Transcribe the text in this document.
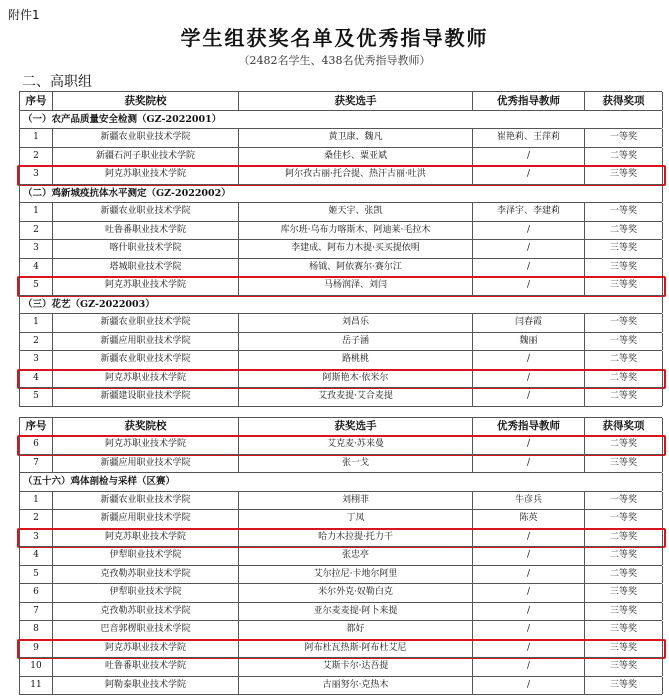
附件1
学生组获奖名单及优秀指导教师
（2482名学生、438名优秀指导教师）
二、高职组
序号	获奖院校	获奖选手	优秀指导教师	获得奖项
（一）农产品质量安全检测（GZ-2022001）
1	新疆农业职业技术学院	黄卫康、魏凡	崔艳莉、王萍莉	一等奖
2	新疆石河子职业技术学院	桑佳杉、粟亚斌	/	二等奖
3	阿克苏职业技术学院	阿尔孜古丽·托合提、热汗古丽·吐洪	/	三等奖
（二）鸡新城疫抗体水平测定（GZ-2022002）
1	新疆农业职业技术学院	姬天宇、张凯	李泽宇、李建莉	一等奖
2	吐鲁番职业技术学院	库尔班·乌布力喀斯木、阿迪莱·毛拉木	/	二等奖
3	喀什职业技术学院	李建成、阿布力木提·买买提依明	/	三等奖
4	塔城职业技术学院	杨钺、阿依赛尔·赛尔江	/	三等奖
5	阿克苏职业技术学院	马杨润泽、刘闫	/	三等奖
（三）花艺（GZ-2022003）
1	新疆农业职业技术学院	刘昌乐	闫春霞	一等奖
2	新疆应用职业技术学院	岳子涵	魏丽	一等奖
3	新疆农业职业技术学院	路桃桃	/	二等奖
4	阿克苏职业技术学院	阿斯艳木·依米尔	/	二等奖
5	新疆建设职业技术学院	艾孜麦提·艾合麦提	/	二等奖
序号	获奖院校	获奖选手	优秀指导教师	获得奖项
6	阿克苏职业技术学院	艾克麦·苏来曼	/	二等奖
7	新疆应用职业技术学院	张一戈	/	三等奖
（五十六）鸡体剖检与采样（区赛）
1	新疆农业职业技术学院	刘栩菲	牛彦兵	一等奖
2	新疆应用职业技术学院	丁凤	陈英	一等奖
3	阿克苏职业技术学院	哈力木拉提·托力干	/	二等奖
4	伊犁职业技术学院	张忠亭	/	二等奖
5	克孜勒苏职业技术学院	艾尔拉尼·卡地尔阿里	/	二等奖
6	伊犁职业技术学院	米尔外克·奴勒白克	/	三等奖
7	克孜勒苏职业技术学院	亚尔麦麦提·阿卜来提	/	三等奖
8	巴音郭楞职业技术学院	都好	/	三等奖
9	阿克苏职业技术学院	阿布杜瓦热斯·阿布杜艾尼	/	三等奖
10	吐鲁番职业技术学院	艾斯卡尔·达吾提	/	三等奖
11	阿勒泰职业技术学院	古丽努尔·克热木	/	三等奖
